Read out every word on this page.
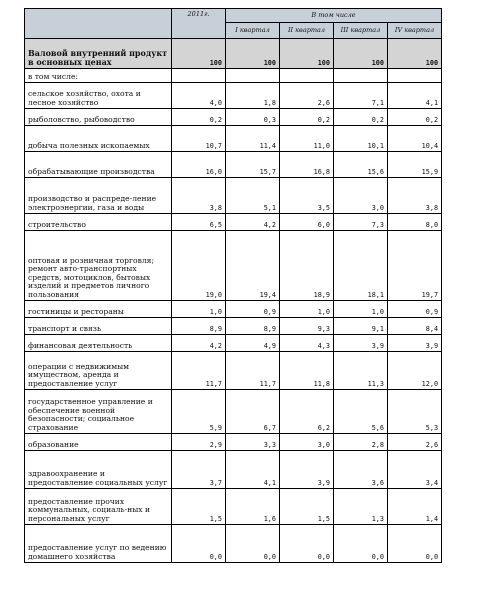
	2011г.	В том числе			
		I квартал	II квартал	III квартал	IV квартал
Валовой внутренний продукт в основных ценах	100	100	100	100	100
в том числе:					
сельское хозяйство, охота и лесное хозяйство	4,0	1,8	2,6	7,1	4,1
рыболовство, рыбоводство	0,2	0,3	0,2	0,2	0,2
добыча полезных ископаемых	10,7	11,4	11,0	10,1	10,4
обрабатывающие производства	16,0	15,7	16,8	15,6	15,9
производство и распреде-ление электроэнергии, газа и воды	3,8	5,1	3,5	3,0	3,8
строительство	6,5	4,2	6,0	7,3	8,0
оптовая и розничная торговля; ремонт авто-транспортных средств, мотоциклов, бытовых изделий и предметов личного пользования	19,0	19,4	18,9	18,1	19,7
гостиницы и рестораны	1,0	0,9	1,0	1,0	0,9
транспорт и связь	8,9	8,9	9,3	9,1	8,4
финансовая деятельность	4,2	4,9	4,3	3,9	3,9
операции с недвижимым имуществом, аренда и предоставление услуг	11,7	11,7	11,8	11,3	12,0
государственное управление и обеспечение военной безопасности; социальное страхование	5,9	6,7	6,2	5,6	5,3
образование	2,9	3,3	3,0	2,8	2,6
здравоохранение и предоставление социальных услуг	3,7	4,1	3,9	3,6	3,4
предоставление прочих коммунальных, социаль-ных и персональных услуг	1,5	1,6	1,5	1,3	1,4
предоставление услуг по ведению домашнего хозяйства	0,0	0,0	0,0	0,0	0,0
